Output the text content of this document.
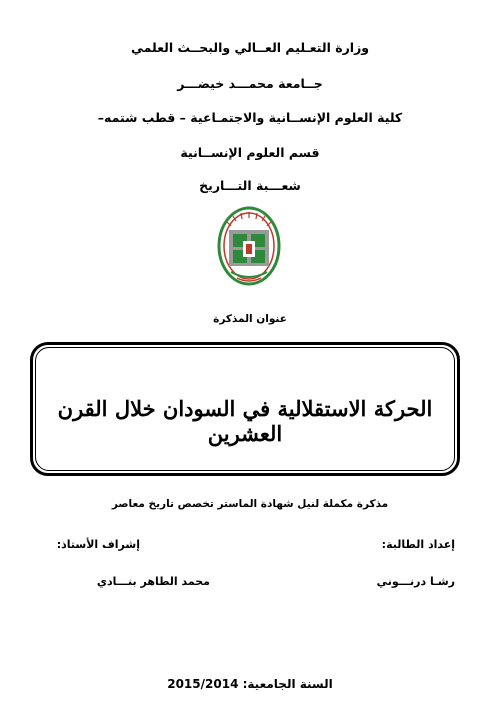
وزارة التعـليم العــالي والبحــث العلمي
جــامعة محمـــد خيضـــر
كلية العلوم الإنســانية والاجتمـاعية – قطب شتمه–
قسم العلوم الإنســانية
شعـــبة التـــاريخ
عنوان المذكرة
الحركة الاستقلالية في السودان خلال القرن العشرين
مذكرة مكملة لنيل شهادة الماستر تخصص تاريخ معاصر
إعداد الطالبة:
إشراف الأستاذ:
رشـا درنـــوني
محمد الطاهر بنـــادي
السنة الجامعية: 2015/2014
